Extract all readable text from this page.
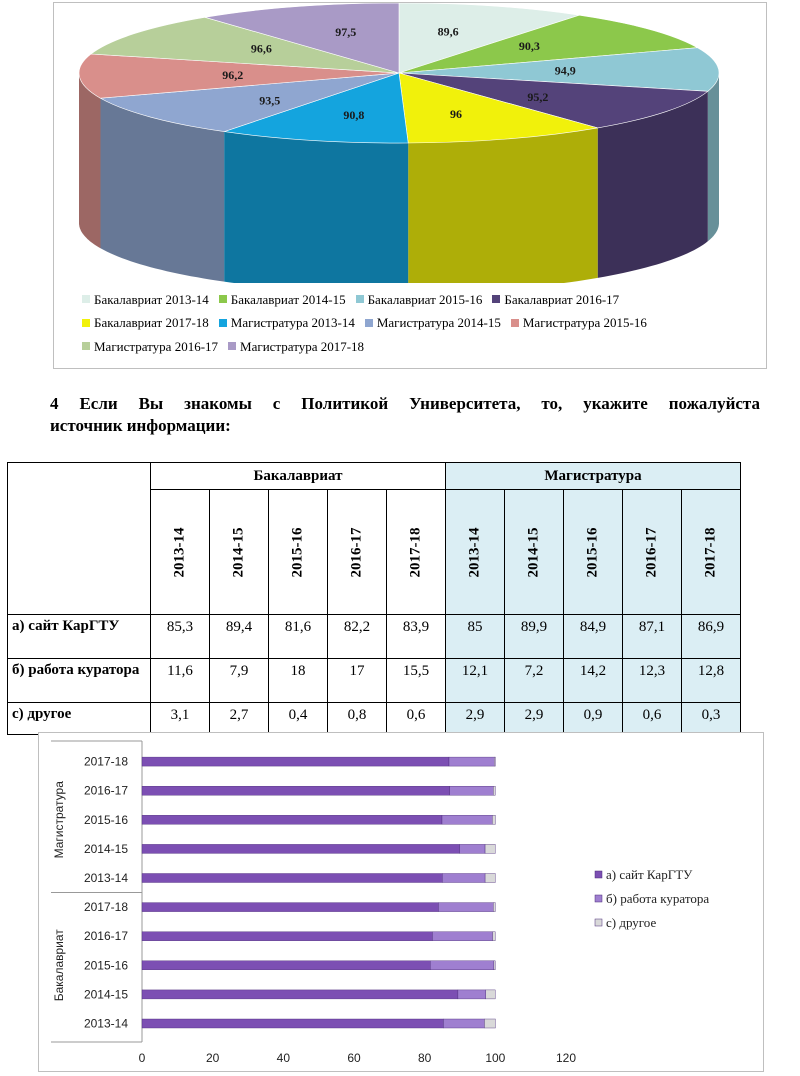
89,6
90,3
94,9
95,2
96
90,8
93,5
96,2
96,6
97,5
Бакалавриат 2013-14 Бакалавриат 2014-15 Бакалавриат 2015-16 Бакалавриат 2016-17
Бакалавриат 2017-18 Магистратура 2013-14 Магистратура 2014-15 Магистратура 2015-16
Магистратура 2016-17 Магистратура 2017-18
4 Если Вы знакомы с Политикой Университета, то, укажите пожалуйста

источник информации:
	Бакалавриат					Магистратура				
	2013-14	2014-15	2015-16	2016-17	2017-18	2013-14	2014-15	2015-16	2016-17	2017-18
а) сайт КарГТУ	85,3	89,4	81,6	82,2	83,9	85	89,9	84,9	87,1	86,9
б) работа куратора	11,6	7,9	18	17	15,5	12,1	7,2	14,2	12,3	12,8
с) другое	3,1	2,7	0,4	0,8	0,6	2,9	2,9	0,9	0,6	0,3
0	20	40	60	80	100	120
Магистратура
2017-18
2016-17
2015-16
2014-15
2013-14
Бакалавриат
2017-18
2016-17
2015-16
2014-15
2013-14
а) сайт КарГТУ
б) работа куратора
с) другое
